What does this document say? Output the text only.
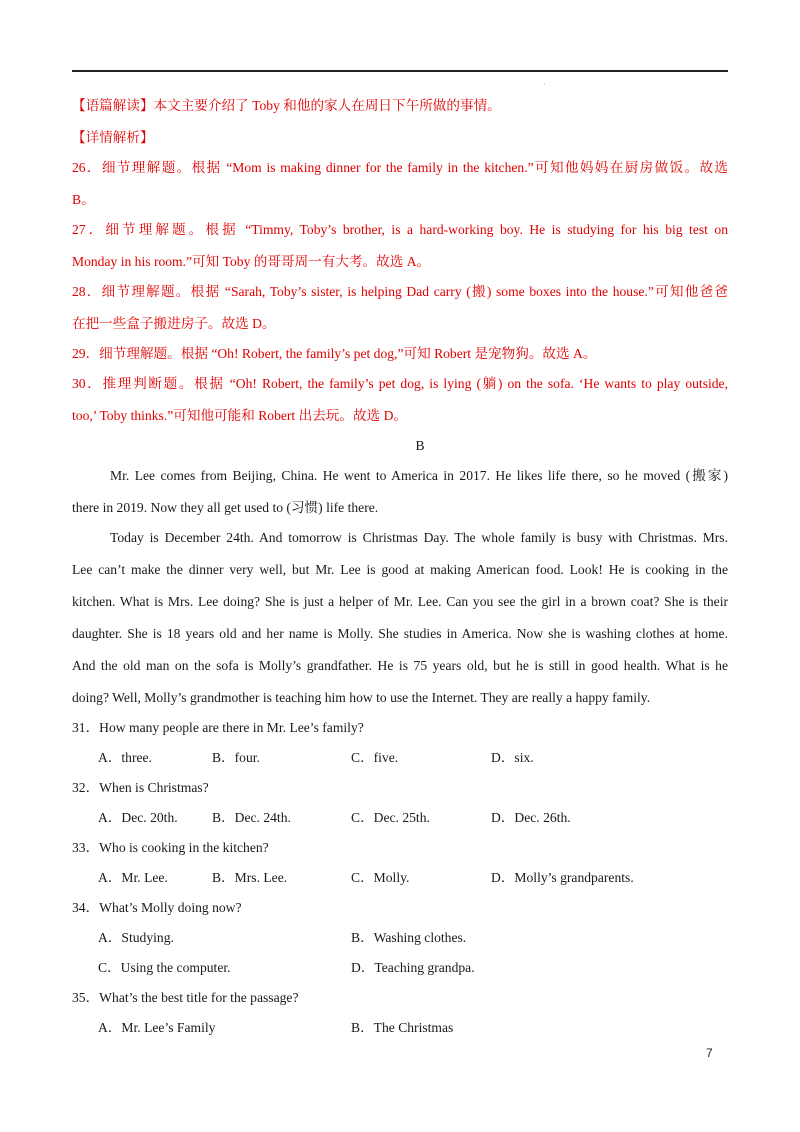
·
【语篇解读】本文主要介绍了 Toby 和他的家人在周日下午所做的事情。
【详情解析】
26．细节理解题。根据 “Mom is making dinner for the family in the kitchen.”可知他妈妈在厨房做饭。故选
B。
27．细节理解题。根据 “Timmy, Toby’s brother, is a hard-working boy. He is studying for his big test on
Monday in his room.”可知 Toby 的哥哥周一有大考。故选 A。
28．细节理解题。根据 “Sarah, Toby’s sister, is helping Dad carry (搬) some boxes into the house.”可知他爸爸
在把一些盒子搬进房子。故选 D。
29．细节理解题。根据 “Oh! Robert, the family’s pet dog,”可知 Robert 是宠物狗。故选 A。
30．推理判断题。根据 “Oh! Robert, the family’s pet dog, is lying (躺) on the sofa. ‘He wants to play outside,
too,’ Toby thinks.”可知他可能和 Robert 出去玩。故选 D。
B
Mr. Lee comes from Beijing, China. He went to America in 2017. He likes life there, so he moved (搬家)
there in 2019. Now they all get used to (习惯) life there.
Today is December 24th. And tomorrow is Christmas Day. The whole family is busy with Christmas. Mrs.
Lee can’t make the dinner very well, but Mr. Lee is good at making American food. Look! He is cooking in the
kitchen. What is Mrs. Lee doing? She is just a helper of Mr. Lee. Can you see the girl in a brown coat? She is their
daughter. She is 18 years old and her name is Molly. She studies in America. Now she is washing clothes at home.
And the old man on the sofa is Molly’s grandfather. He is 75 years old, but he is still in good health. What is he
doing? Well, Molly’s grandmother is teaching him how to use the Internet. They are really a happy family.
31．How many people are there in Mr. Lee’s family?
A．three.	B．four.	C．five.	D．six.
32．When is Christmas?
A．Dec. 20th.	B．Dec. 24th.	C．Dec. 25th.	D．Dec. 26th.
33．Who is cooking in the kitchen?
A．Mr. Lee.	B．Mrs. Lee.	C．Molly.	D．Molly’s grandparents.
34．What’s Molly doing now?
A．Studying.	B．Washing clothes.
C．Using the computer.	D．Teaching grandpa.
35．What’s the best title for the passage?
A．Mr. Lee’s Family	B．The Christmas
7
